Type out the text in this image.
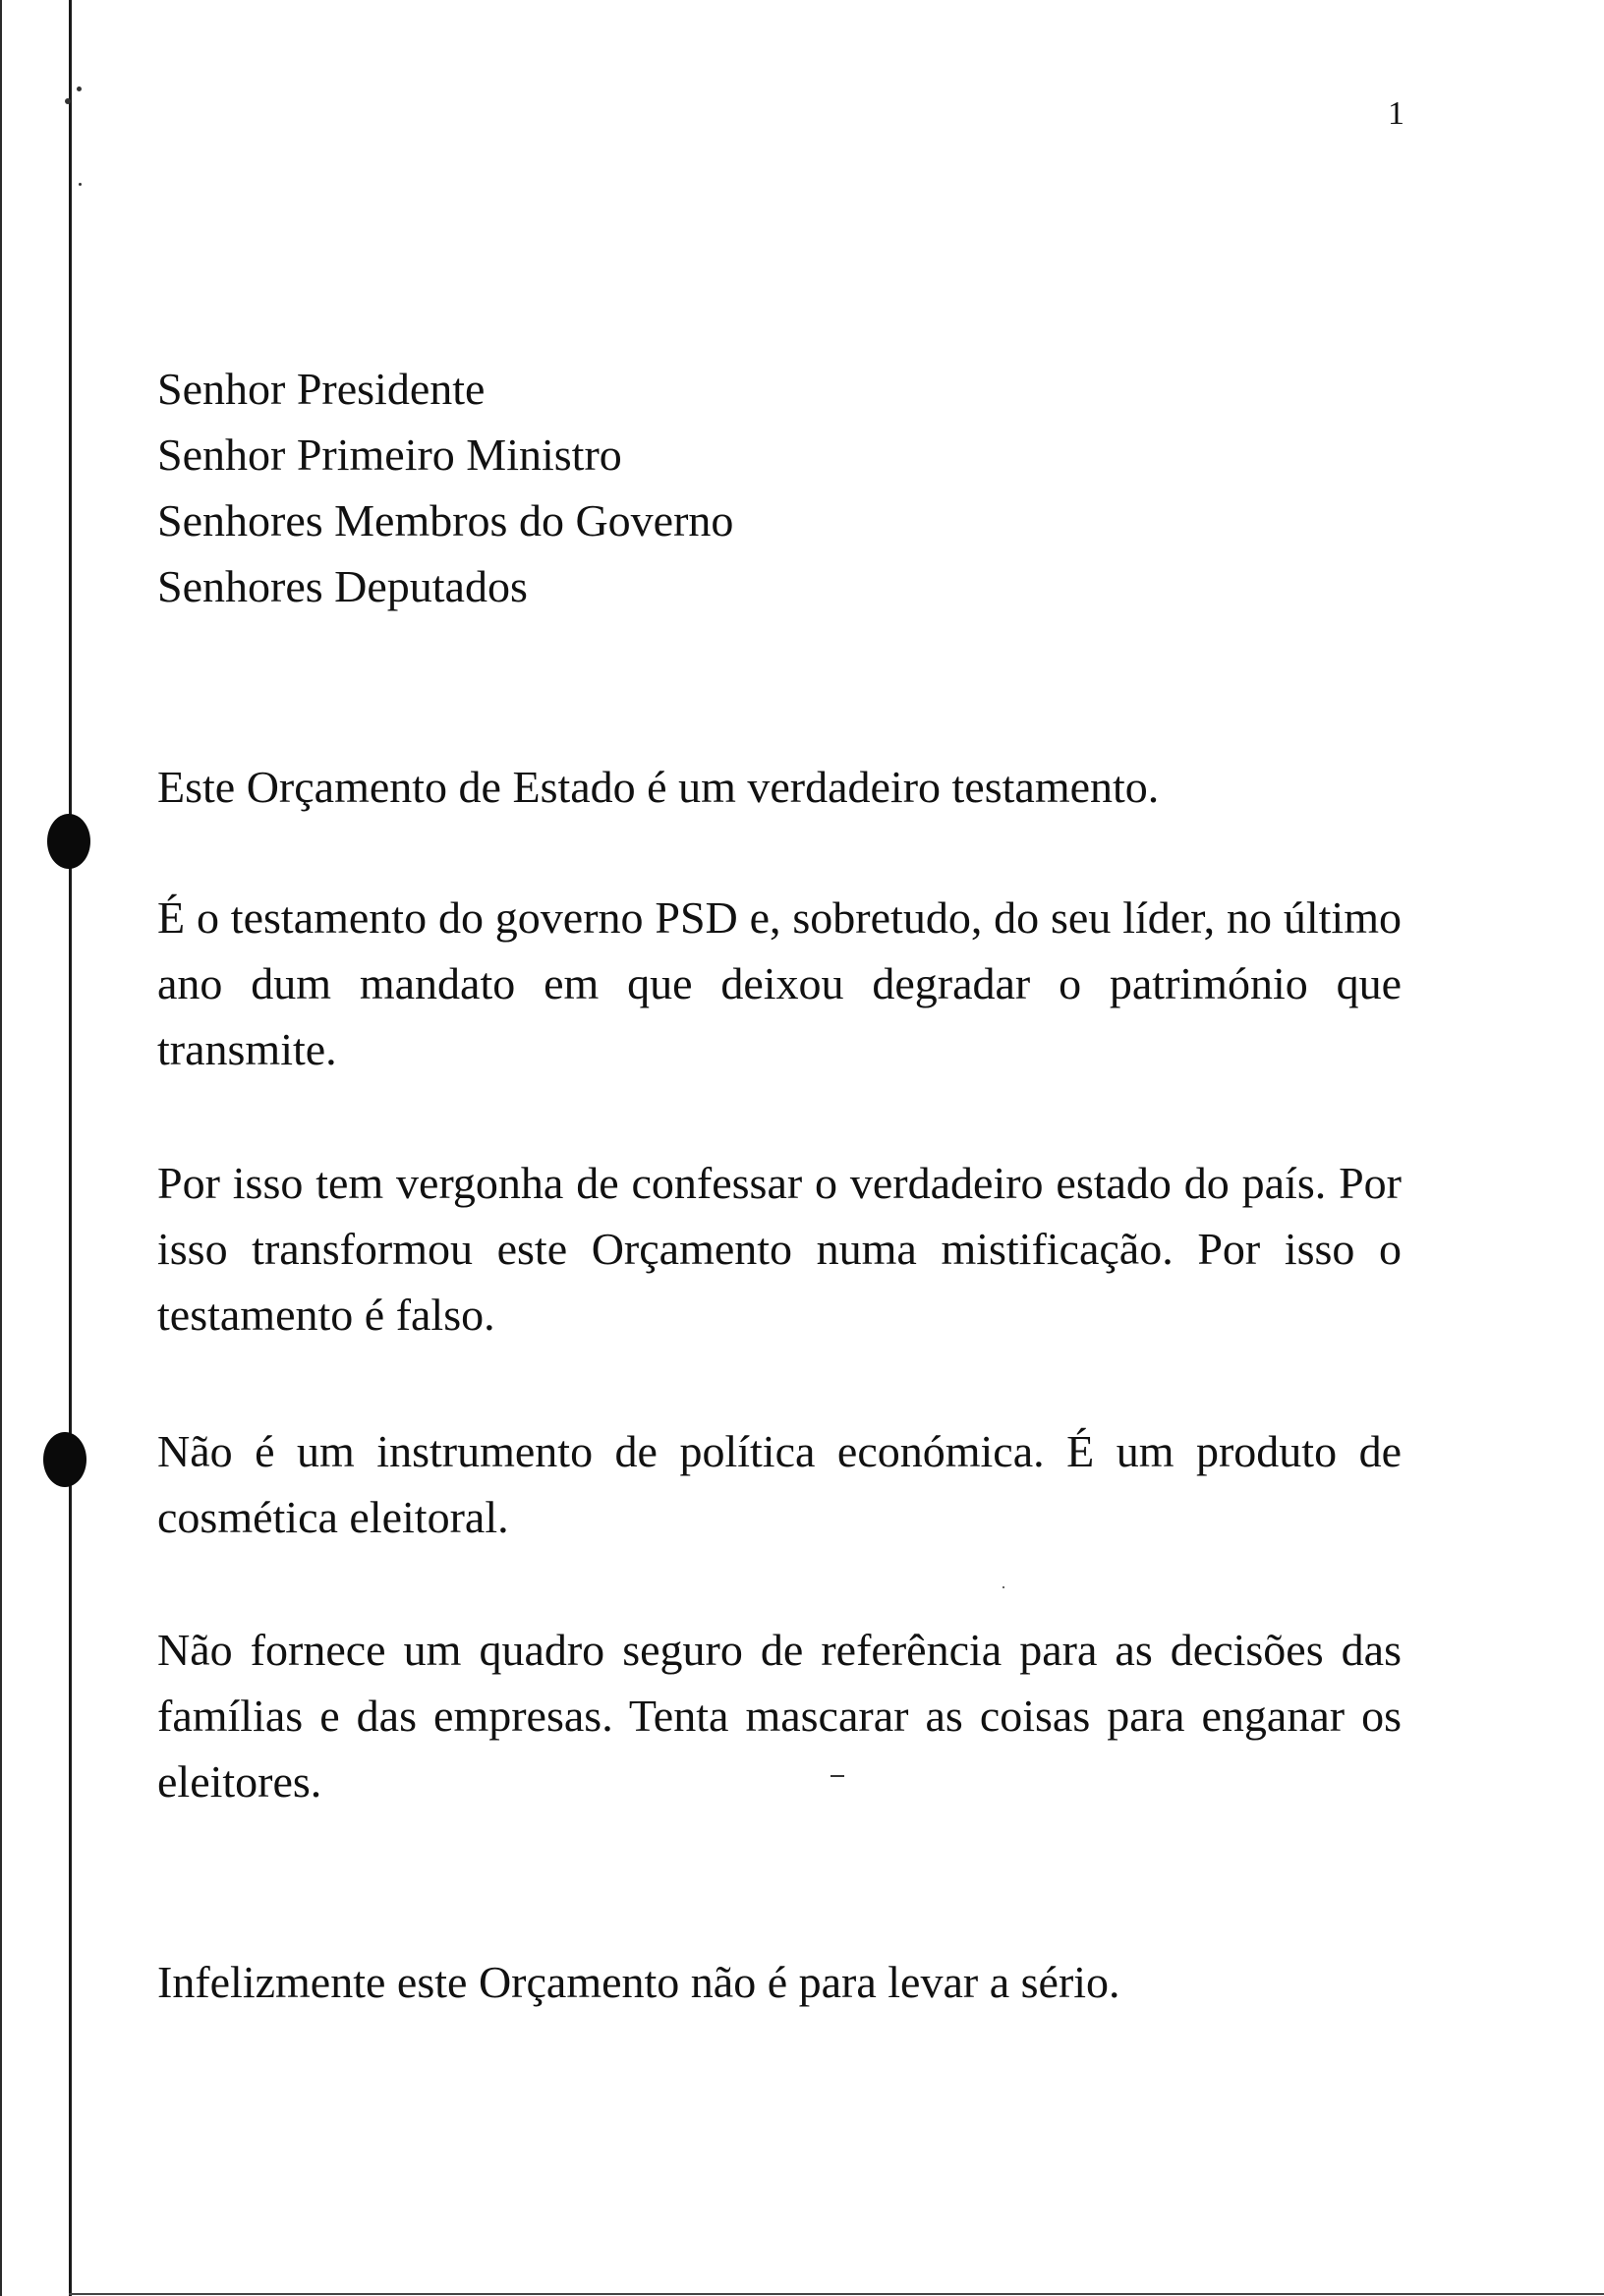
1
Senhor Presidente
Senhor Primeiro Ministro
Senhores Membros do Governo
Senhores Deputados
Este Orçamento de Estado é um verdadeiro testamento.
É o testamento do governo PSD e, sobretudo, do seu líder, no último ano dum mandato em que deixou degradar o património que transmite.
Por isso tem vergonha de confessar o verdadeiro estado do país. Por isso transformou este Orçamento numa mistificação. Por isso o testamento é falso.
Não é um instrumento de política económica. É um produto de cosmética eleitoral.
Não fornece um quadro seguro de referência para as decisões das famílias e das empresas. Tenta mascarar as coisas para enganar os eleitores.
Infelizmente este Orçamento não é para levar a sério.
